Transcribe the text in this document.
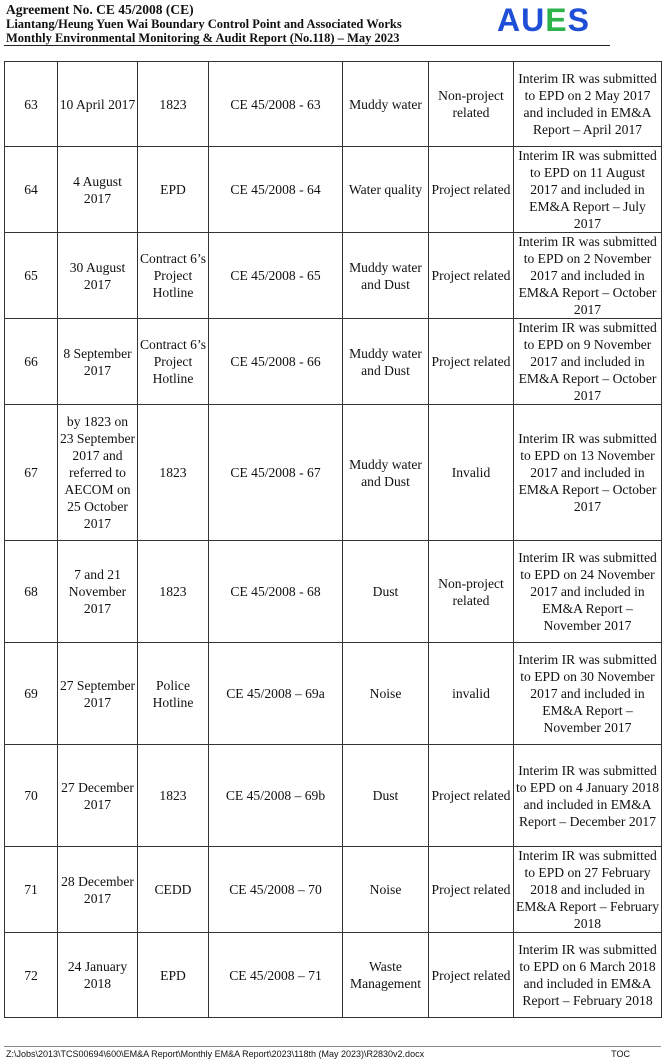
Agreement No. CE 45/2008 (CE)
Liantang/Heung Yuen Wai Boundary Control Point and Associated Works
Monthly Environmental Monitoring & Audit Report (No.118) – May 2023	AUES
63	10 April 2017	1823	CE 45/2008 - 63	Muddy water	Non-project related	Interim IR was submitted to EPD on 2 May 2017 and included in EM&A Report – April 2017
64	4 August 2017	EPD	CE 45/2008 - 64	Water quality	Project related	Interim IR was submitted to EPD on 11 August 2017 and included in EM&A Report – July 2017
65	30 August 2017	Contract 6’s Project Hotline	CE 45/2008 - 65	Muddy water and Dust	Project related	Interim IR was submitted to EPD on 2 November 2017 and included in EM&A Report – October 2017
66	8 September 2017	Contract 6’s Project Hotline	CE 45/2008 - 66	Muddy water and Dust	Project related	Interim IR was submitted to EPD on 9 November 2017 and included in EM&A Report – October 2017
67	by 1823 on 23 September 2017 and referred to AECOM on 25 October 2017	1823	CE 45/2008 - 67	Muddy water and Dust	Invalid	Interim IR was submitted to EPD on 13 November 2017 and included in EM&A Report – October 2017
68	7 and 21 November 2017	1823	CE 45/2008 - 68	Dust	Non-project related	Interim IR was submitted to EPD on 24 November 2017 and included in EM&A Report – November 2017
69	27 September 2017	Police Hotline	CE 45/2008 – 69a	Noise	invalid	Interim IR was submitted to EPD on 30 November 2017 and included in EM&A Report – November 2017
70	27 December 2017	1823	CE 45/2008 – 69b	Dust	Project related	Interim IR was submitted to EPD on 4 January 2018 and included in EM&A Report – December 2017
71	28 December 2017	CEDD	CE 45/2008 – 70	Noise	Project related	Interim IR was submitted to EPD on 27 February 2018 and included in EM&A Report – February 2018
72	24 January 2018	EPD	CE 45/2008 – 71	Waste Management	Project related	Interim IR was submitted to EPD on 6 March 2018 and included in EM&A Report – February 2018
Z:\Jobs\2013\TCS00694\600\EM&A Report\Monthly EM&A Report\2023\118th (May 2023)\R2830v2.docx	TOC
